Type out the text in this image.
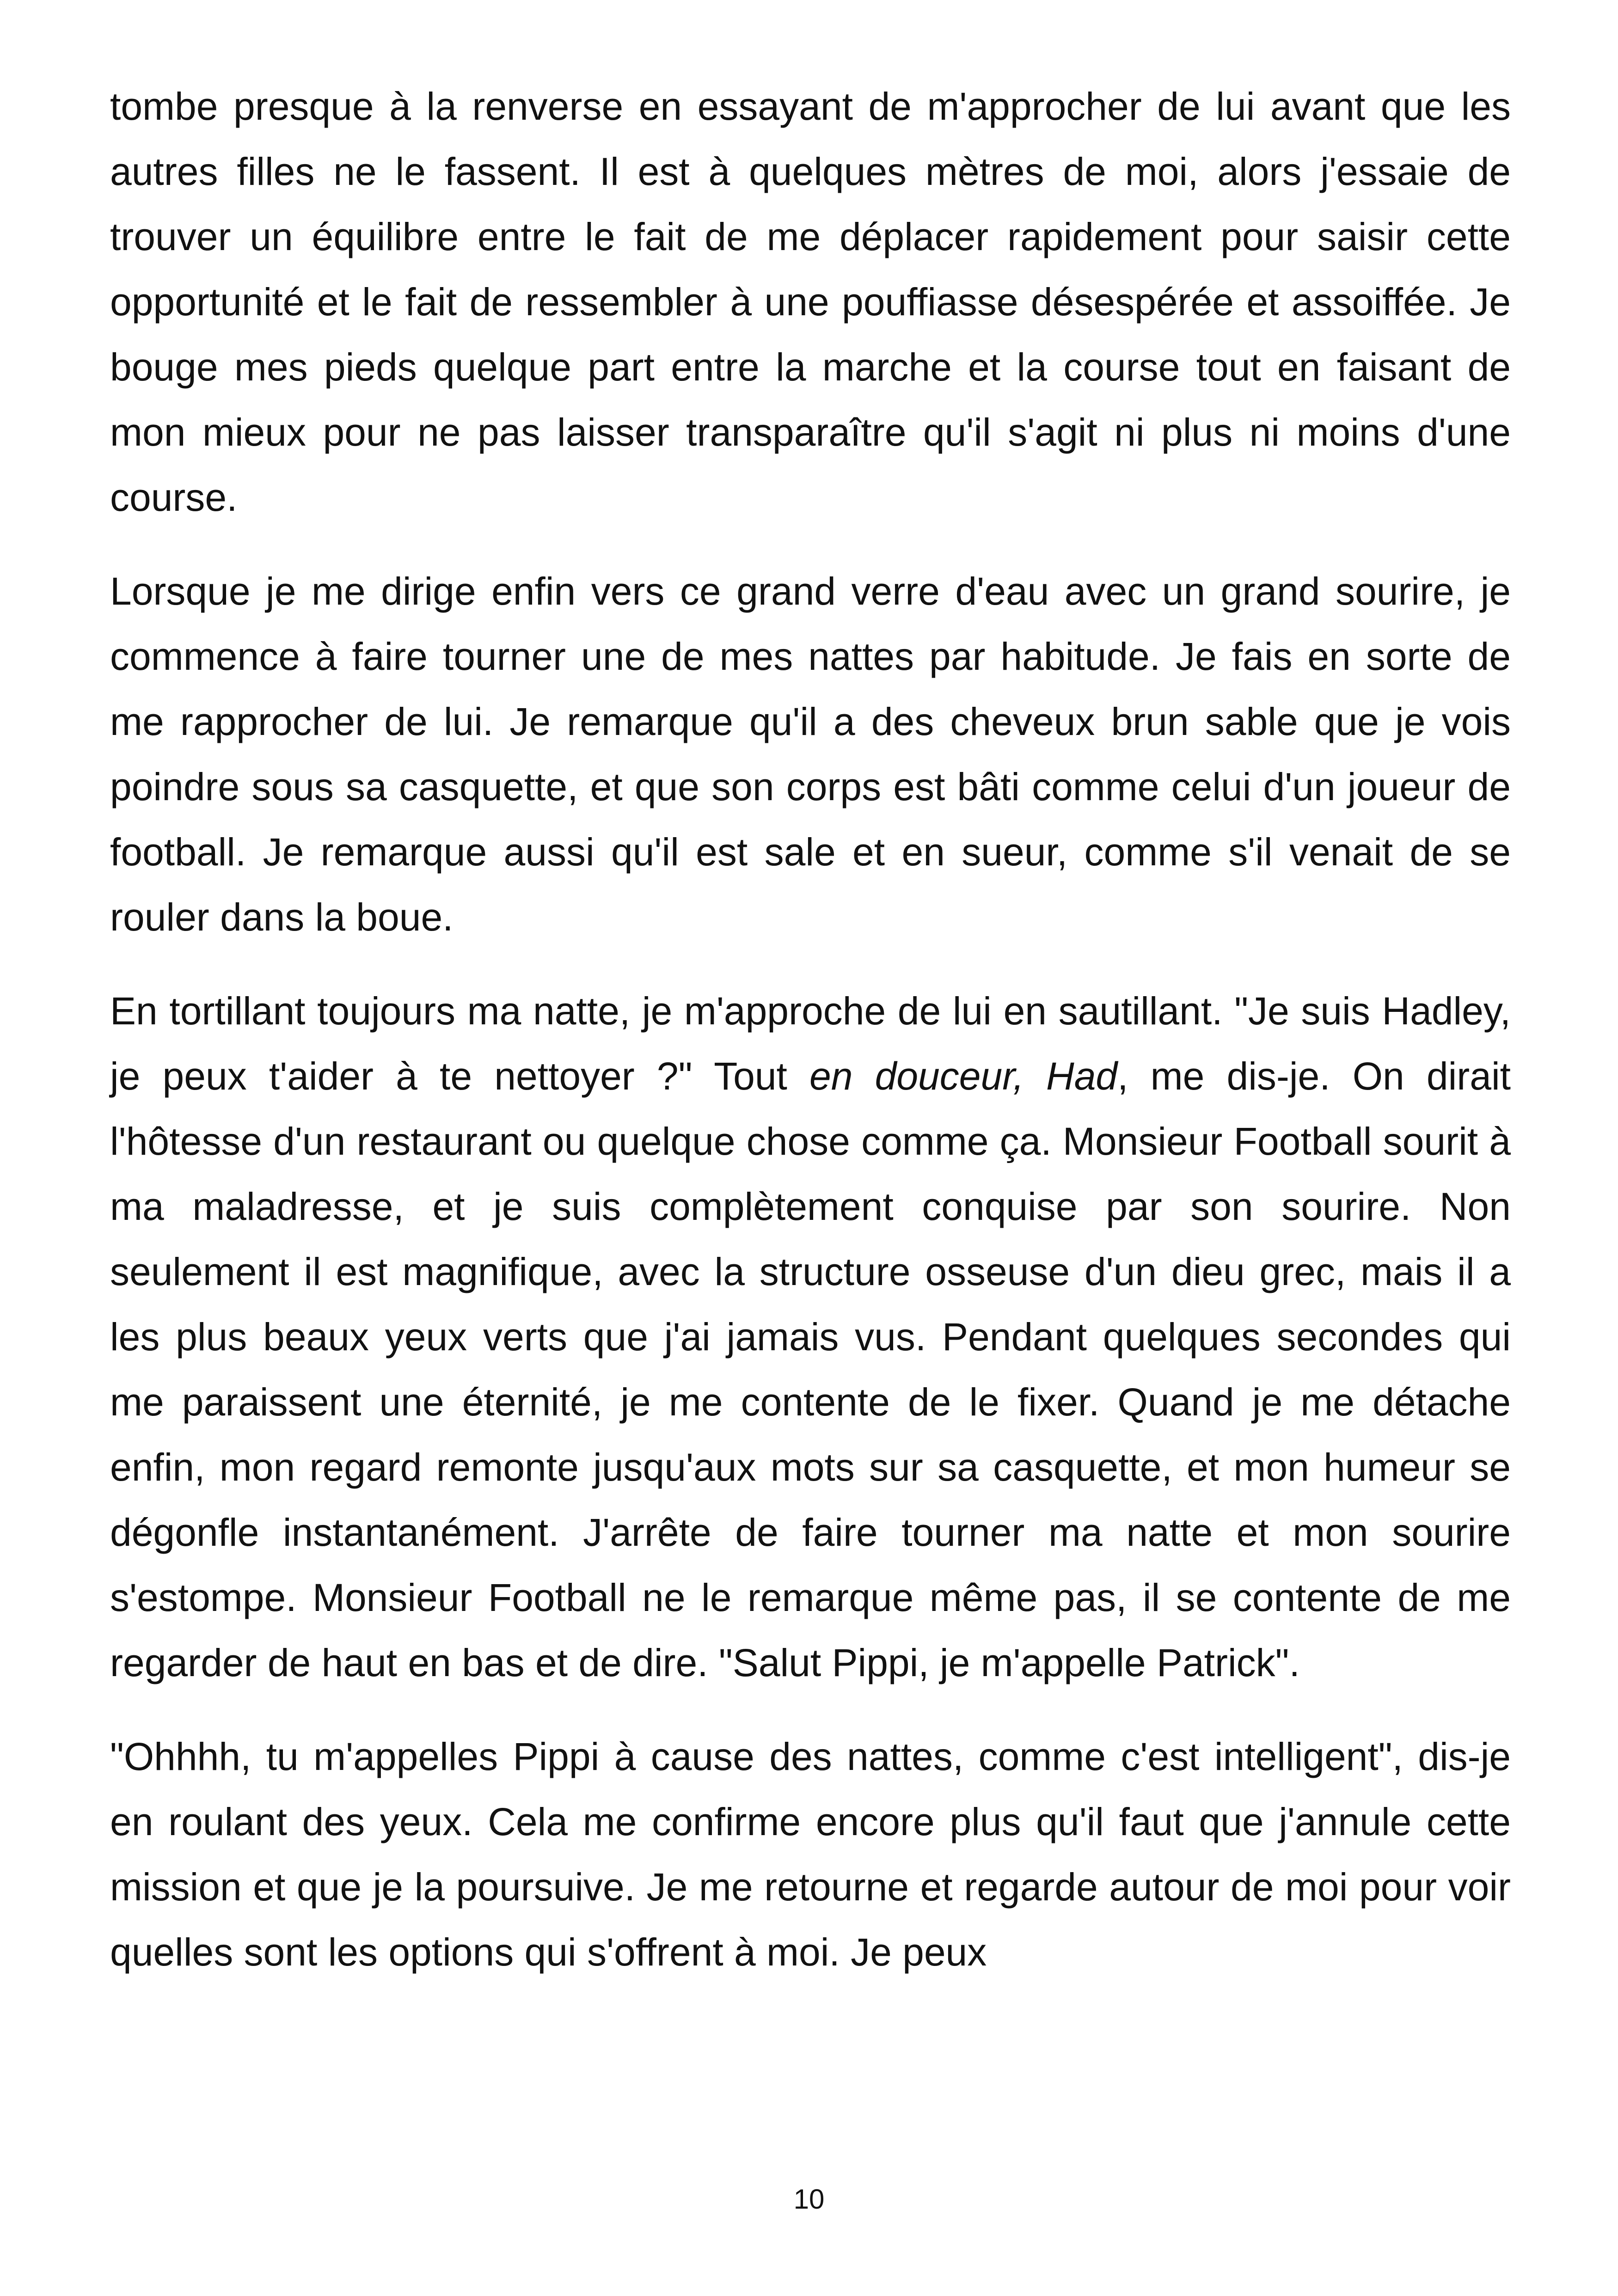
tombe presque à la renverse en essayant de m'approcher de lui avant que les autres filles ne le fassent. Il est à quelques mètres de moi, alors j'essaie de trouver un équilibre entre le fait de me déplacer rapidement pour saisir cette opportunité et le fait de ressembler à une pouffiasse désespérée et assoiffée. Je bouge mes pieds quelque part entre la marche et la course tout en faisant de mon mieux pour ne pas laisser transparaître qu'il s'agit ni plus ni moins d'une course.

Lorsque je me dirige enfin vers ce grand verre d'eau avec un grand sourire, je commence à faire tourner une de mes nattes par habitude. Je fais en sorte de me rapprocher de lui. Je remarque qu'il a des cheveux brun sable que je vois poindre sous sa casquette, et que son corps est bâti comme celui d'un joueur de football. Je remarque aussi qu'il est sale et en sueur, comme s'il venait de se rouler dans la boue.

En tortillant toujours ma natte, je m'approche de lui en sautillant. "Je suis Hadley, je peux t'aider à te nettoyer ?" Tout en douceur, Had, me dis-je. On dirait l'hôtesse d'un restaurant ou quelque chose comme ça. Monsieur Football sourit à ma maladresse, et je suis complètement conquise par son sourire. Non seulement il est magnifique, avec la structure osseuse d'un dieu grec, mais il a les plus beaux yeux verts que j'ai jamais vus. Pendant quelques secondes qui me paraissent une éternité, je me contente de le fixer. Quand je me détache enfin, mon regard remonte jusqu'aux mots sur sa casquette, et mon humeur se dégonfle instantanément. J'arrête de faire tourner ma natte et mon sourire s'estompe. Monsieur Football ne le remarque même pas, il se contente de me regarder de haut en bas et de dire. "Salut Pippi, je m'appelle Patrick".

"Ohhhh, tu m'appelles Pippi à cause des nattes, comme c'est intelligent", dis-je en roulant des yeux. Cela me confirme encore plus qu'il faut que j'annule cette mission et que je la poursuive. Je me retourne et regarde autour de moi pour voir quelles sont les options qui s'offrent à moi. Je peux

10
